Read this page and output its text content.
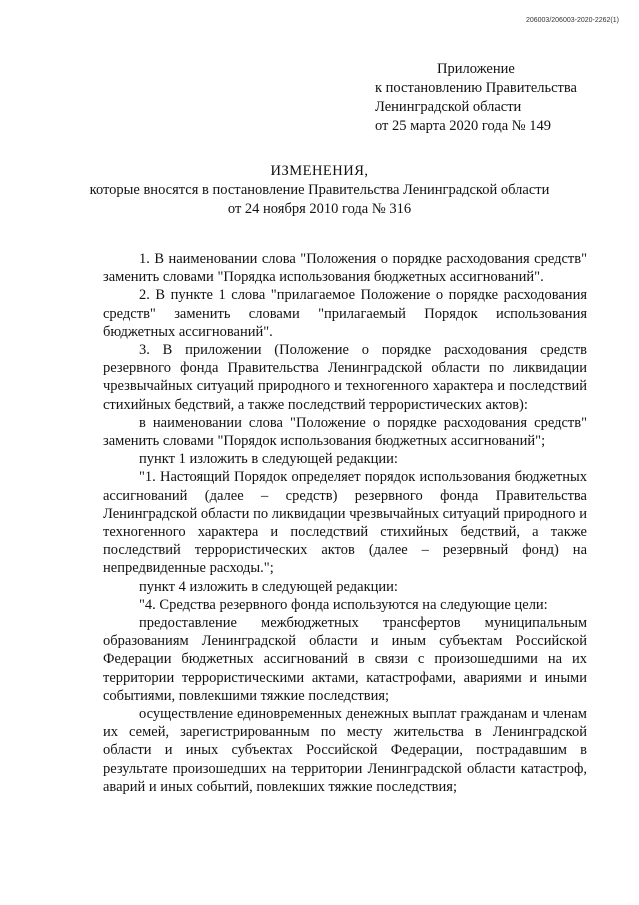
206003/206003-2020-2262(1)
Приложение
к постановлению Правительства
Ленинградской области
от 25 марта 2020 года № 149
ИЗМЕНЕНИЯ,
которые вносятся в постановление Правительства Ленинградской области
от 24 ноября 2010 года № 316

1. В наименовании слова "Положения о порядке расходования средств" заменить словами "Порядка использования бюджетных ассигнований".

2. В пункте 1 слова "прилагаемое Положение о порядке расходования средств" заменить словами "прилагаемый Порядок использования бюджетных ассигнований".

3. В приложении (Положение о порядке расходования средств резервного фонда Правительства Ленинградской области по ликвидации чрезвычайных ситуаций природного и техногенного характера и последствий стихийных бедствий, а также последствий террористических актов):

в наименовании слова "Положение о порядке расходования средств" заменить словами "Порядок использования бюджетных ассигнований";

пункт 1 изложить в следующей редакции:

"1. Настоящий Порядок определяет порядок использования бюджетных ассигнований (далее – средств) резервного фонда Правительства Ленинградской области по ликвидации чрезвычайных ситуаций природного и техногенного характера и последствий стихийных бедствий, а также последствий террористических актов (далее – резервный фонд) на непредвиденные расходы.";

пункт 4 изложить в следующей редакции:

"4. Средства резервного фонда используются на следующие цели:

предоставление межбюджетных трансфертов муниципальным образованиям Ленинградской области и иным субъектам Российской Федерации бюджетных ассигнований в связи с произошедшими на их территории террористическими актами, катастрофами, авариями и иными событиями, повлекшими тяжкие последствия;

осуществление единовременных денежных выплат гражданам и членам их семей, зарегистрированным по месту жительства в Ленинградской области и иных субъектах Российской Федерации, пострадавшим в результате произошедших на территории Ленинградской области катастроф, аварий и иных событий, повлекших тяжкие последствия;
